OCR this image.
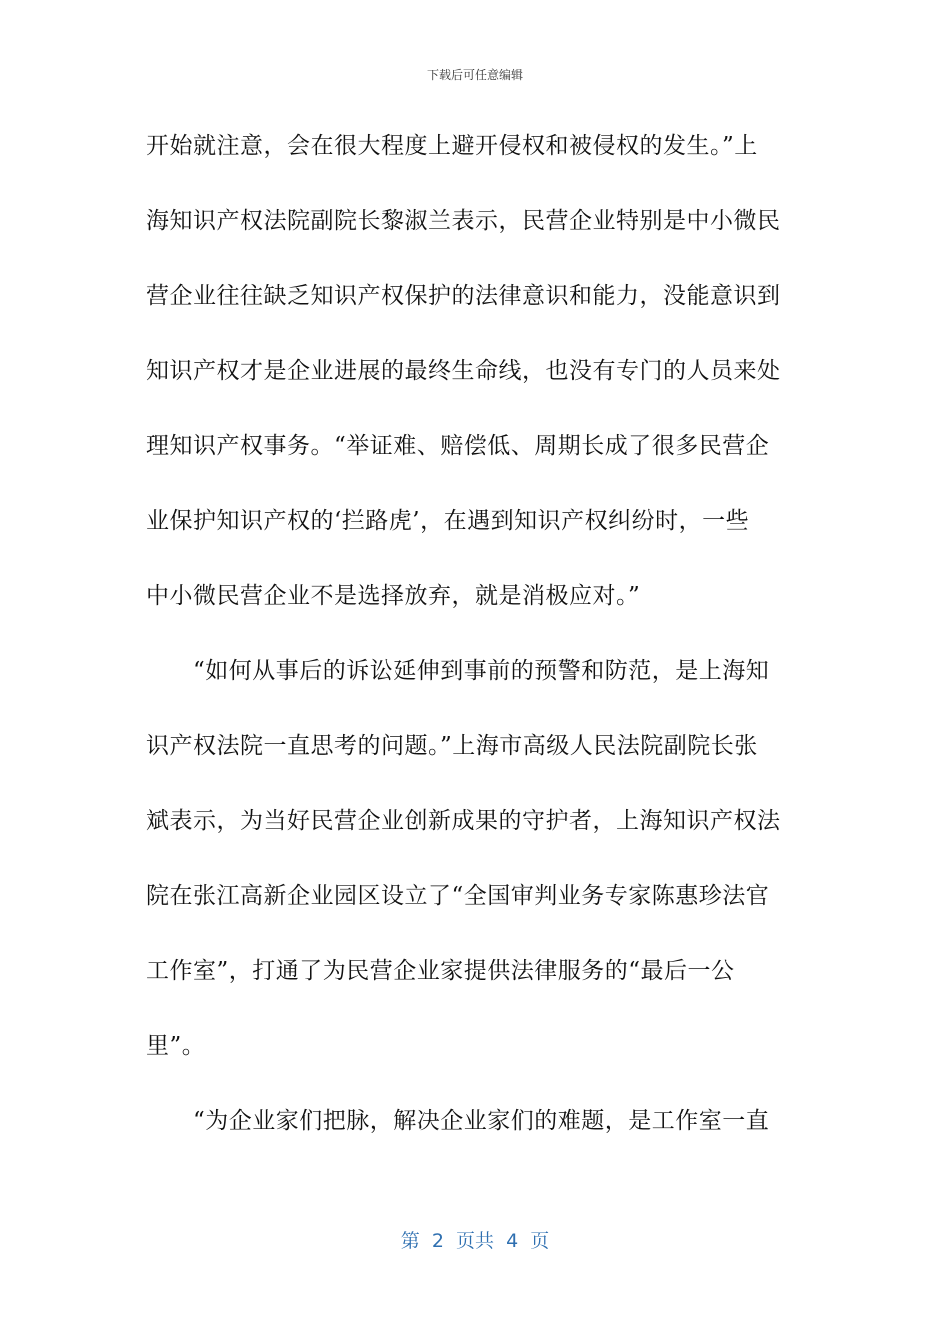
下载后可任意编辑
开始就注意，会在很大程度上避开侵权和被侵权的发生。”上
海知识产权法院副院长黎淑兰表示，民营企业特别是中小微民
营企业往往缺乏知识产权保护的法律意识和能力，没能意识到
知识产权才是企业进展的最终生命线，也没有专门的人员来处
理知识产权事务。“举证难、赔偿低、周期长成了很多民营企
业保护知识产权的‘拦路虎’，在遇到知识产权纠纷时，一些
中小微民营企业不是选择放弃，就是消极应对。”
　　“如何从事后的诉讼延伸到事前的预警和防范，是上海知
识产权法院一直思考的问题。”上海市高级人民法院副院长张
斌表示，为当好民营企业创新成果的守护者，上海知识产权法
院在张江高新企业园区设立了“全国审判业务专家陈惠珍法官
工作室”，打通了为民营企业家提供法律服务的“最后一公
里”。
　　“为企业家们把脉，解决企业家们的难题，是工作室一直
第  2  页共  4  页
